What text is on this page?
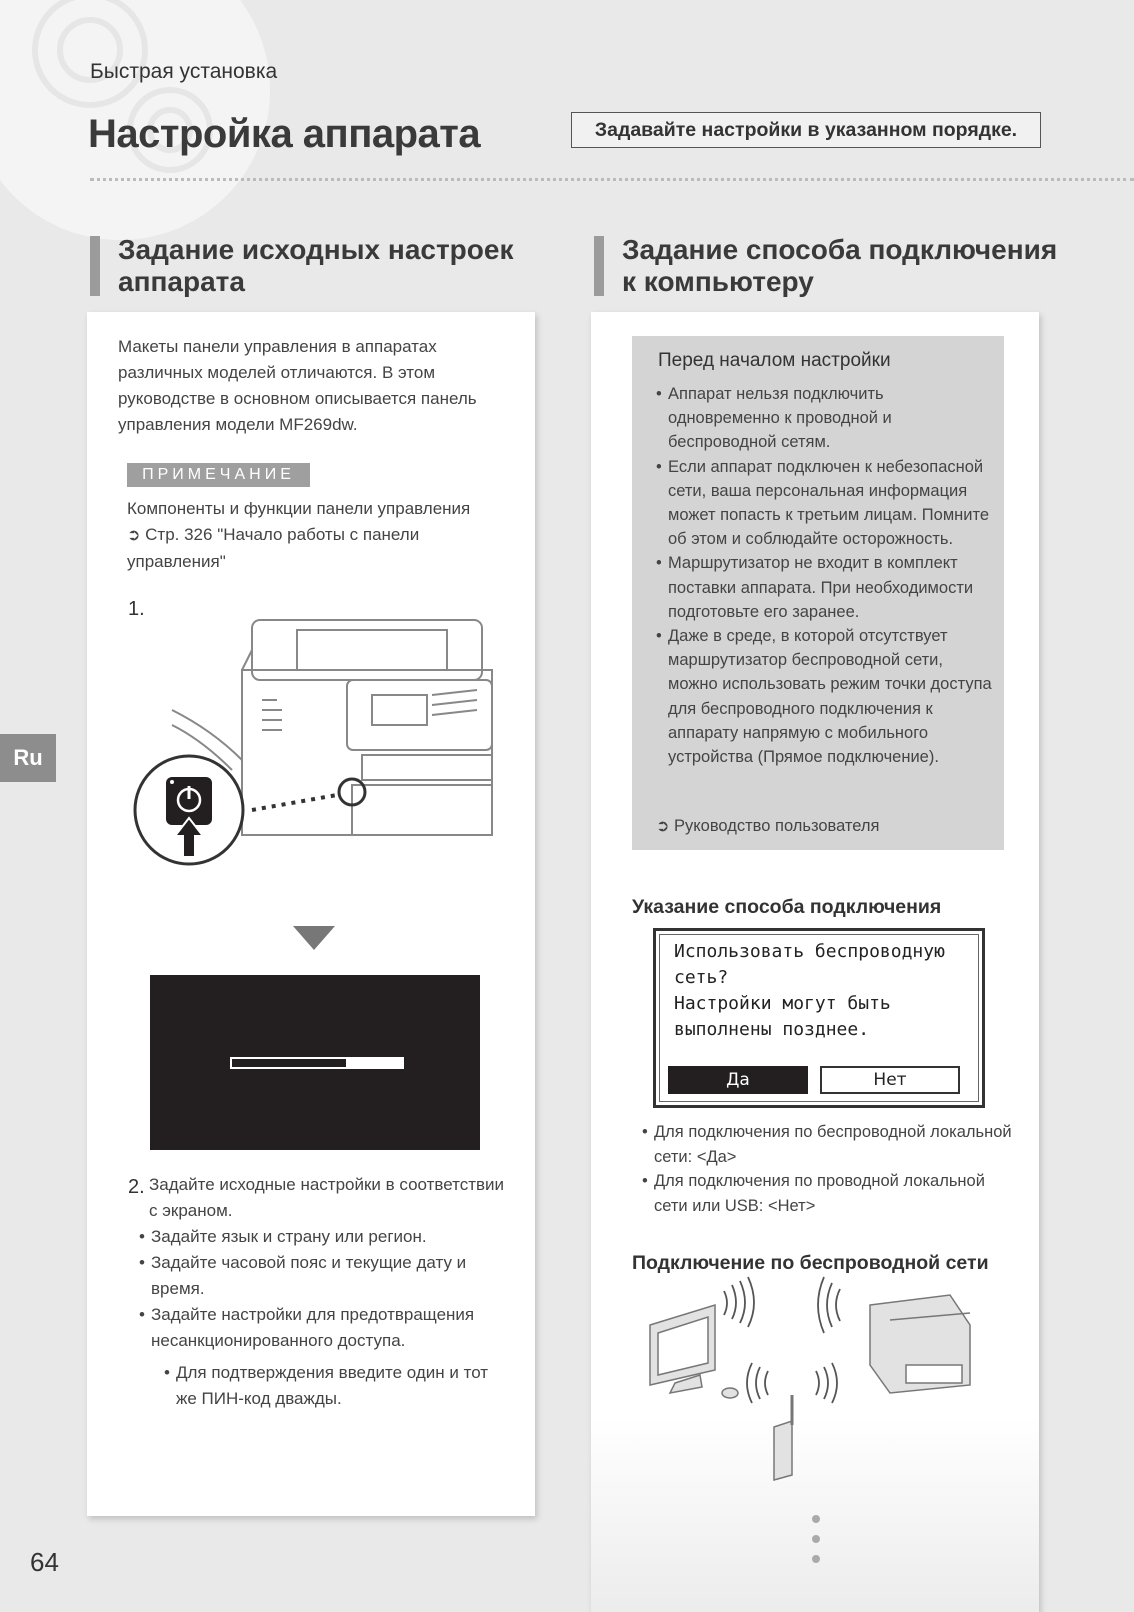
Быстрая установка
Настройка аппарата	Задавайте настройки в указанном порядке.
Задание исходных настроек аппарата
Задание способа подключения к компьютеру
Макеты панели управления в аппаратах различных моделей отличаются. В этом руководстве в основном описывается панель управления модели MF269dw.
ПРИМЕЧАНИЕ
Компоненты и функции панели управления
➲ Стр. 326 "Начало работы с панели управления"
1.
2. Задайте исходные настройки в соответствии с экраном.
• Задайте язык и страну или регион.
• Задайте часовой пояс и текущие дату и время.
• Задайте настройки для предотвращения несанкционированного доступа.
• Для подтверждения введите один и тот же ПИН-код дважды.
Перед началом настройки
• Аппарат нельзя подключить одновременно к проводной и беспроводной сетям.
• Если аппарат подключен к небезопасной сети, ваша персональная информация может попасть к третьим лицам. Помните об этом и соблюдайте осторожность.
• Маршрутизатор не входит в комплект поставки аппарата. При необходимости подготовьте его заранее.
• Даже в среде, в которой отсутствует маршрутизатор беспроводной сети, можно использовать режим точки доступа для беспроводного подключения к аппарату напрямую с мобильного устройства (Прямое подключение).
➲ Руководство пользователя
Указание способа подключения
Использовать беспроводную сеть?
Настройки могут быть выполнены позднее.
Да	Нет
• Для подключения по беспроводной локальной сети: <Да>
• Для подключения по проводной локальной сети или USB: <Нет>
Подключение по беспроводной сети
Ru
64
